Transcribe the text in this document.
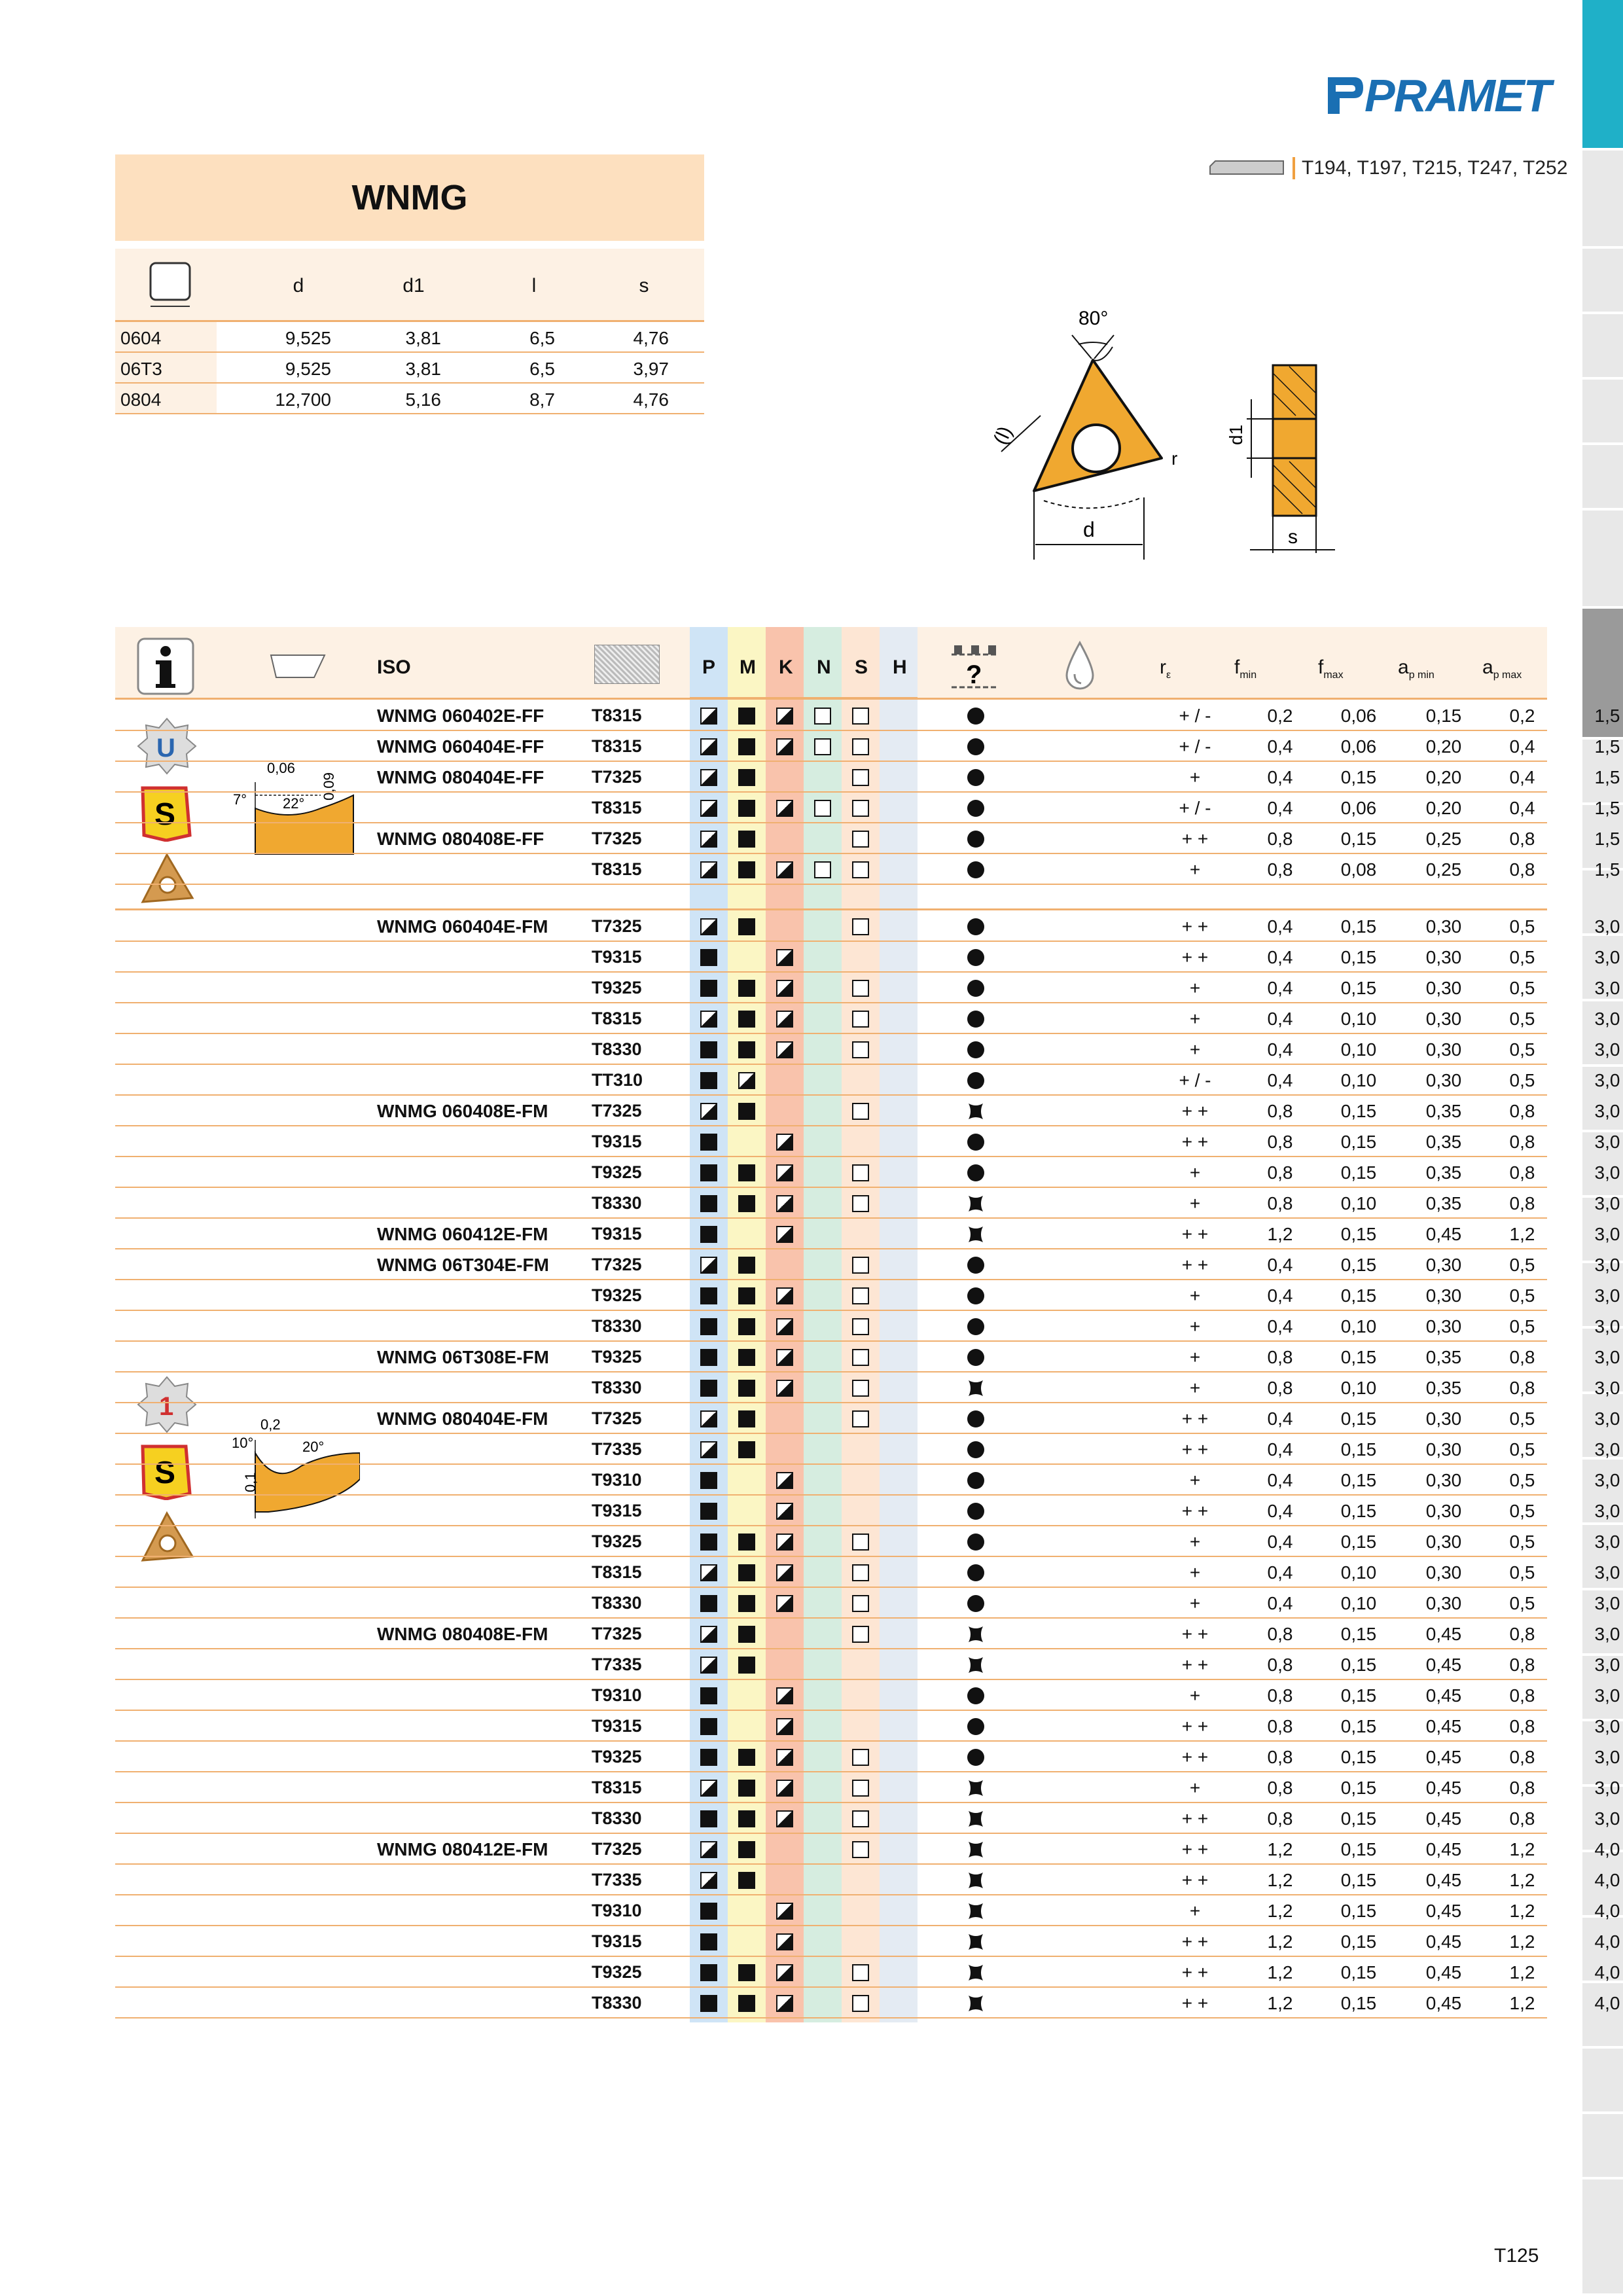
PRAMET
T194, T197, T215, T247, T252
WNMG
d	d1	l	s
0604	9,525	3,81	6,5	4,76
06T3	9,525	3,81	6,5	3,97
0804	12,700	5,16	8,7	4,76
80°
d
(l)
r
d1
s
ISO	P M K N S H ?	$r_\varepsilon$	$f_{min}$	$f_{max}$	$a_{p min}$ $a_{p max}$
U
S
0,06
7° 22°
0,09
1
S
0,2
10°	20°
0,1
WNMG 060402E-FF	T8315	+ / -	0,2	0,06	0,15	0,2	1,5
WNMG 060404E-FF	T8315	+ / -	0,4	0,06	0,20	0,4	1,5
WNMG 080404E-FF	T7325	+	0,4	0,15	0,20	0,4	1,5
T8315	+ / -	0,4	0,06	0,20	0,4	1,5
WNMG 080408E-FF	T7325	+ +	0,8	0,15	0,25	0,8	1,5
T8315	+	0,8	0,08	0,25	0,8	1,5
WNMG 060404E-FM T7325	+ +	0,4	0,15	0,30	0,5	3,0
T9315	+ +	0,4	0,15	0,30	0,5	3,0
T9325	+	0,4	0,15	0,30	0,5	3,0
T8315	+	0,4	0,10	0,30	0,5	3,0
T8330	+	0,4	0,10	0,30	0,5	3,0
TT310	+ / -	0,4	0,10	0,30	0,5	3,0
WNMG 060408E-FM T7325	+ +	0,8	0,15	0,35	0,8	3,0
T9315	+ +	0,8	0,15	0,35	0,8	3,0
T9325	+	0,8	0,15	0,35	0,8	3,0
T8330	+	0,8	0,10	0,35	0,8	3,0
WNMG 060412E-FM T9315	+ +	1,2	0,15	0,45	1,2	3,0
WNMG 06T304E-FM T7325	+ +	0,4	0,15	0,30	0,5	3,0
T9325	+	0,4	0,15	0,30	0,5	3,0
T8330	+	0,4	0,10	0,30	0,5	3,0
WNMG 06T308E-FM T9325	+	0,8	0,15	0,35	0,8	3,0
T8330	+	0,8	0,10	0,35	0,8	3,0
WNMG 080404E-FM T7325	+ +	0,4	0,15	0,30	0,5	3,0
T7335	+ +	0,4	0,15	0,30	0,5	3,0
T9310	+	0,4	0,15	0,30	0,5	3,0
T9315	+ +	0,4	0,15	0,30	0,5	3,0
T9325	+	0,4	0,15	0,30	0,5	3,0
T8315	+	0,4	0,10	0,30	0,5	3,0
T8330	+	0,4	0,10	0,30	0,5	3,0
WNMG 080408E-FM T7325	+ +	0,8	0,15	0,45	0,8	3,0
T7335	+ +	0,8	0,15	0,45	0,8	3,0
T9310	+	0,8	0,15	0,45	0,8	3,0
T9315	+ +	0,8	0,15	0,45	0,8	3,0
T9325	+ +	0,8	0,15	0,45	0,8	3,0
T8315	+	0,8	0,15	0,45	0,8	3,0
T8330	+ +	0,8	0,15	0,45	0,8	3,0
WNMG 080412E-FM T7325	+ +	1,2	0,15	0,45	1,2	4,0
T7335	+ +	1,2	0,15	0,45	1,2	4,0
T9310	+	1,2	0,15	0,45	1,2	4,0
T9315	+ +	1,2	0,15	0,45	1,2	4,0
T9325	+ +	1,2	0,15	0,45	1,2	4,0
T8330	+ +	1,2	0,15	0,45	1,2	4,0
T125
